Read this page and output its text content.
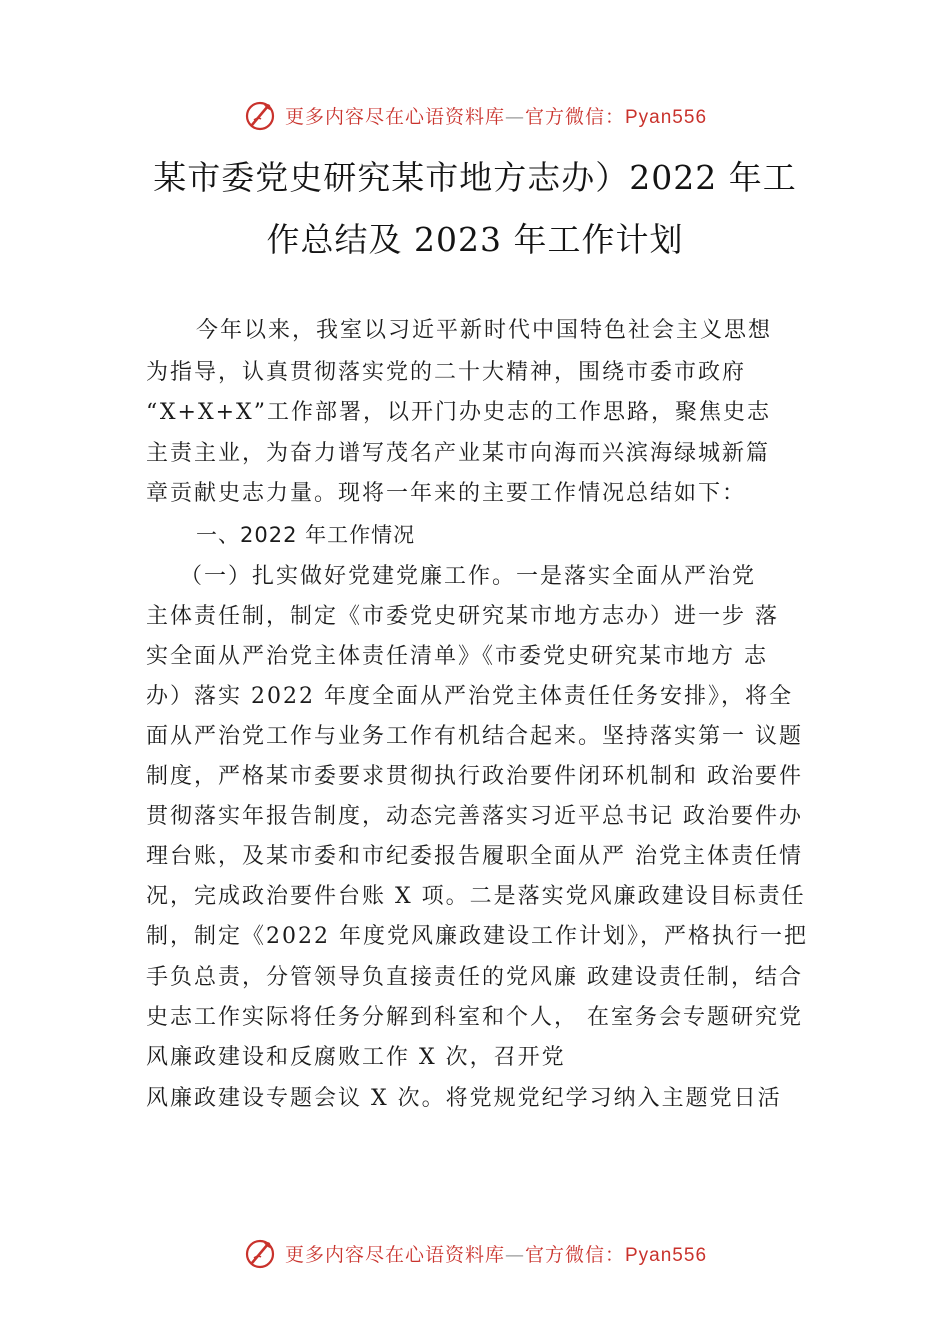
更多内容尽在心语资料库—官方微信：Pyan556
某市委党史研究某市地方志办）2022 年工
作总结及 2023 年工作计划
今年以来，我室以习近平新时代中国特色社会主义思想
为指导，认真贯彻落实党的二十大精神，围绕市委市政府
“X+X+X”工作部署，以开门办史志的工作思路，聚焦史志
主责主业，为奋力谱写茂名产业某市向海而兴滨海绿城新篇
章贡献史志力量。现将一年来的主要工作情况总结如下：
一、2022 年工作情况
（一）扎实做好党建党廉工作。一是落实全面从严治党
主体责任制，制定《市委党史研究某市地方志办）进一步 落
实全面从严治党主体责任清单》《市委党史研究某市地方 志
办）落实 2022 年度全面从严治党主体责任任务安排》，将全
面从严治党工作与业务工作有机结合起来。坚持落实第一 议题
制度，严格某市委要求贯彻执行政治要件闭环机制和 政治要件
贯彻落实年报告制度，动态完善落实习近平总书记 政治要件办
理台账，及某市委和市纪委报告履职全面从严 治党主体责任情
况，完成政治要件台账 X 项。二是落实党风廉政建设目标责任
制，制定《2022 年度党风廉政建设工作计划》，严格执行一把
手负总责，分管领导负直接责任的党风廉 政建设责任制，结合
史志工作实际将任务分解到科室和个人， 在室务会专题研究党
风廉政建设和反腐败工作 X 次，召开党
风廉政建设专题会议 X 次。将党规党纪学习纳入主题党日活
更多内容尽在心语资料库—官方微信：Pyan556
